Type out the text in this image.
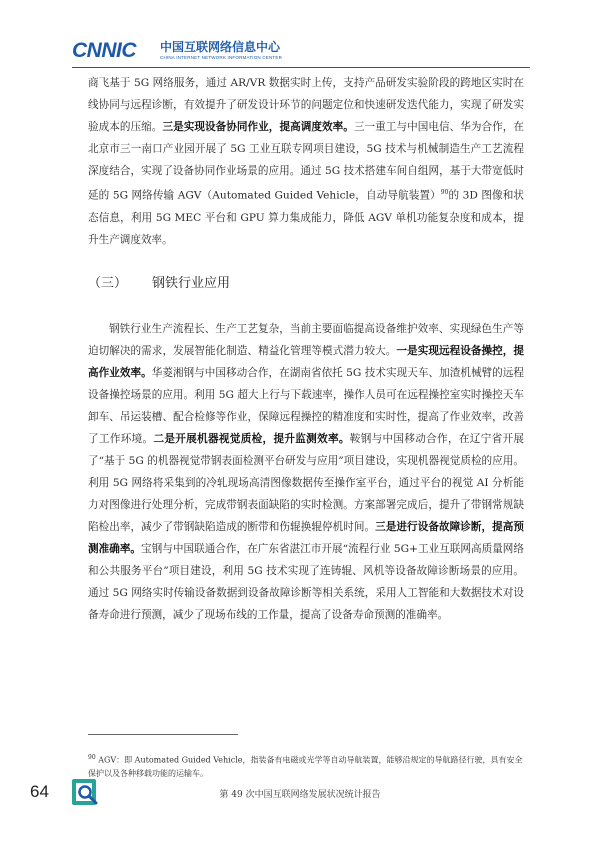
CNNIC 中国互联网络信息中心
CHINA INTERNET NETWORK INFORMATION CENTER

商飞基于 5G 网络服务，通过 AR/VR 数据实时上传，支持产品研发实验阶段的跨地区实时在线协同与远程诊断，有效提升了研发设计环节的问题定位和快速研发迭代能力，实现了研发实验成本的压缩。三是实现设备协同作业，提高调度效率。三一重工与中国电信、华为合作，在北京市三一南口产业园开展了 5G 工业互联专网项目建设，5G 技术与机械制造生产工艺流程深度结合，实现了设备协同作业场景的应用。通过 5G 技术搭建车间自组网，基于大带宽低时延的 5G 网络传输 AGV（Automated Guided Vehicle，自动导航装置）$^{90}$的 3D 图像和状态信息，利用 5G MEC 平台和 GPU 算力集成能力，降低 AGV 单机功能复杂度和成本，提升生产调度效率。

（三） 钢铁行业应用

钢铁行业生产流程长、生产工艺复杂，当前主要面临提高设备维护效率、实现绿色生产等迫切解决的需求，发展智能化制造、精益化管理等模式潜力较大。一是实现远程设备操控，提高作业效率。华菱湘钢与中国移动合作，在湖南省依托 5G 技术实现天车、加渣机械臂的远程设备操控场景的应用。利用 5G 超大上行与下载速率，操作人员可在远程操控室实时操控天车卸车、吊运装槽、配合检修等作业，保障远程操控的精准度和实时性，提高了作业效率，改善了工作环境。二是开展机器视觉质检，提升监测效率。鞍钢与中国移动合作，在辽宁省开展了“基于 5G 的机器视觉带钢表面检测平台研发与应用”项目建设，实现机器视觉质检的应用。利用 5G 网络将采集到的冷轧现场高清图像数据传至操作室平台，通过平台的视觉 AI 分析能力对图像进行处理分析，完成带钢表面缺陷的实时检测。方案部署完成后，提升了带钢常规缺陷检出率，减少了带钢缺陷造成的断带和伤辊换辊停机时间。三是进行设备故障诊断，提高预测准确率。宝钢与中国联通合作，在广东省湛江市开展“流程行业 5G+工业互联网高质量网络和公共服务平台”项目建设，利用 5G 技术实现了连铸辊、风机等设备故障诊断场景的应用。通过 5G 网络实时传输设备数据到设备故障诊断等相关系统，采用人工智能和大数据技术对设备寿命进行预测，减少了现场布线的工作量，提高了设备寿命预测的准确率。

$^{90}$ AGV：即 Automated Guided Vehicle，指装备有电磁或光学等自动导航装置，能够沿规定的导航路径行驶，具有安全保护以及各种移载功能的运输车。

64	第 49 次中国互联网络发展状况统计报告
